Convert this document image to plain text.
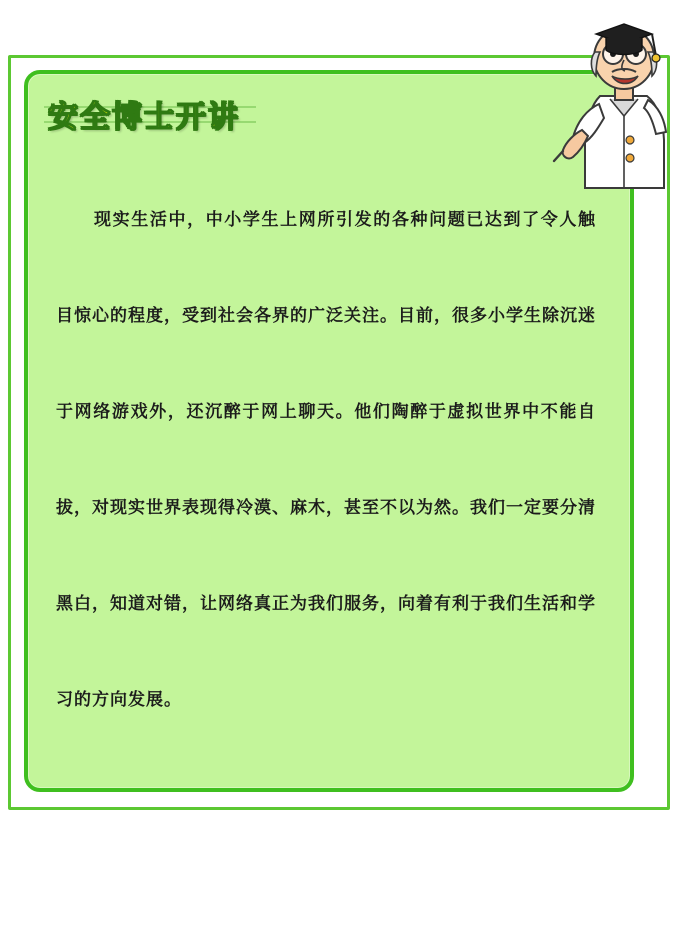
安全博士开讲
现实生活中，中小学生上网所引发的各种问题已达到了令人触目惊心的程度，受到社会各界的广泛关注。目前，很多小学生除沉迷于网络游戏外，还沉醉于网上聊天。他们陶醉于虚拟世界中不能自拔，对现实世界表现得冷漠、麻木，甚至不以为然。我们一定要分清黑白，知道对错，让网络真正为我们服务，向着有利于我们生活和学习的方向发展。
